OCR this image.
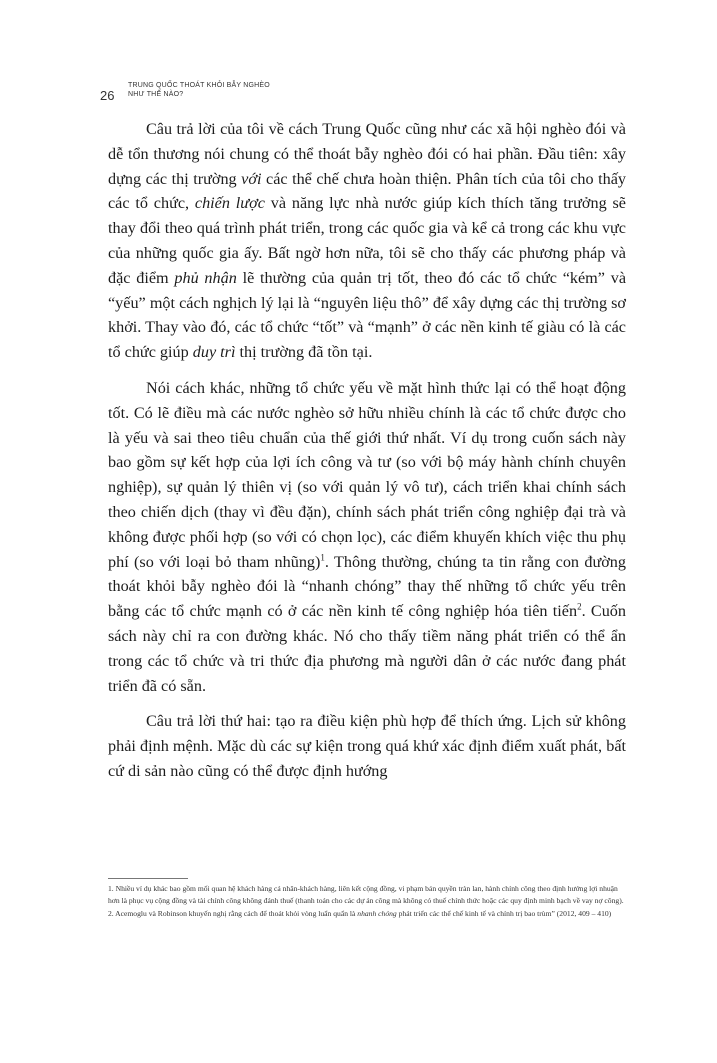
26
TRUNG QUỐC THOÁT KHỎI BẪY NGHÈO
NHƯ THẾ NÀO?

Câu trả lời của tôi về cách Trung Quốc cũng như các xã hội nghèo đói và dễ tổn thương nói chung có thể thoát bẫy nghèo đói có hai phần. Đầu tiên: xây dựng các thị trường với các thể chế chưa hoàn thiện. Phân tích của tôi cho thấy các tổ chức, chiến lược và năng lực nhà nước giúp kích thích tăng trưởng sẽ thay đổi theo quá trình phát triển, trong các quốc gia và kể cả trong các khu vực của những quốc gia ấy. Bất ngờ hơn nữa, tôi sẽ cho thấy các phương pháp và đặc điểm phủ nhận lẽ thường của quản trị tốt, theo đó các tổ chức “kém” và “yếu” một cách nghịch lý lại là “nguyên liệu thô” để xây dựng các thị trường sơ khởi. Thay vào đó, các tổ chức “tốt” và “mạnh” ở các nền kinh tế giàu có là các tổ chức giúp duy trì thị trường đã tồn tại.

Nói cách khác, những tổ chức yếu về mặt hình thức lại có thể hoạt động tốt. Có lẽ điều mà các nước nghèo sở hữu nhiều chính là các tổ chức được cho là yếu và sai theo tiêu chuẩn của thế giới thứ nhất. Ví dụ trong cuốn sách này bao gồm sự kết hợp của lợi ích công và tư (so với bộ máy hành chính chuyên nghiệp), sự quản lý thiên vị (so với quản lý vô tư), cách triển khai chính sách theo chiến dịch (thay vì đều đặn), chính sách phát triển công nghiệp đại trà và không được phối hợp (so với có chọn lọc), các điểm khuyến khích việc thu phụ phí (so với loại bỏ tham nhũng)$^1$. Thông thường, chúng ta tin rằng con đường thoát khỏi bẫy nghèo đói là “nhanh chóng” thay thế những tổ chức yếu trên bằng các tổ chức mạnh có ở các nền kinh tế công nghiệp hóa tiên tiến$^2$. Cuốn sách này chỉ ra con đường khác. Nó cho thấy tiềm năng phát triển có thể ẩn trong các tổ chức và tri thức địa phương mà người dân ở các nước đang phát triển đã có sẵn.

Câu trả lời thứ hai: tạo ra điều kiện phù hợp để thích ứng. Lịch sử không phải định mệnh. Mặc dù các sự kiện trong quá khứ xác định điểm xuất phát, bất cứ di sản nào cũng có thể được định hướng

1. Nhiều ví dụ khác bao gồm mối quan hệ khách hàng cá nhân-khách hàng, liên kết cộng đồng, vi phạm bản quyền tràn lan, hành chính công theo định hướng lợi nhuận hơn là phục vụ cộng đồng và tài chính công không đánh thuế (thanh toán cho các dự án công mà không có thuế chính thức hoặc các quy định minh bạch về vay nợ công).

2. Acemoglu và Robinson khuyến nghị rằng cách để thoát khỏi vòng luẩn quẩn là nhanh chóng phát triển các thể chế kinh tế và chính trị bao trùm” (2012, 409 – 410)
